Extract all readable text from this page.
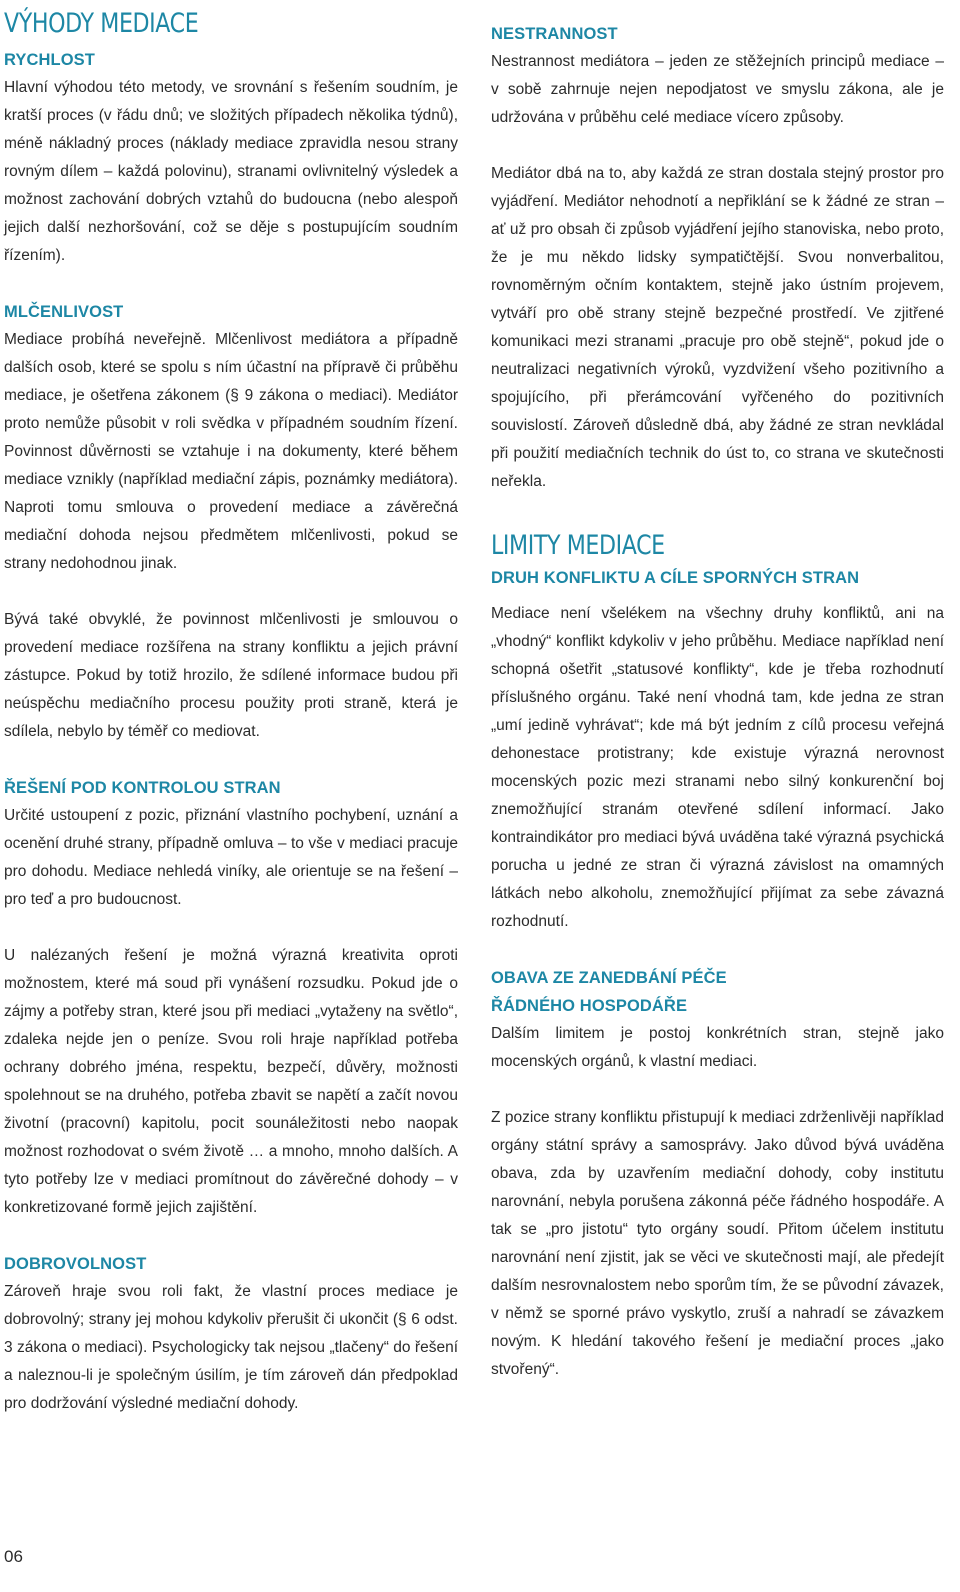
VÝHODY MEDIACE
RYCHLOST

Hlavní výhodou této metody, ve srovnání s řešením soudním, je kratší proces (v řádu dnů; ve složitých případech několika týdnů), méně nákladný proces (náklady mediace zpravidla nesou strany rovným dílem – každá polovinu), stranami ovlivnitelný výsledek a možnost zachování dobrých vztahů do budoucna (nebo alespoň jejich další nezhoršování, což se děje s postupujícím soudním řízením).

MLČENLIVOST

Mediace probíhá neveřejně. Mlčenlivost mediátora a případně dalších osob, které se spolu s ním účastní na přípravě či průběhu mediace, je ošetřena zákonem (§ 9 zákona o mediaci). Mediátor proto nemůže působit v roli svědka v případném soudním řízení. Povinnost důvěrnosti se vztahuje i na dokumenty, které během mediace vznikly (například mediační zápis, poznámky mediátora). Naproti tomu smlouva o provedení mediace a závěrečná mediační dohoda nejsou předmětem mlčenlivosti, pokud se strany nedohodnou jinak.

Bývá také obvyklé, že povinnost mlčenlivosti je smlouvou o provedení mediace rozšířena na strany konfliktu a jejich právní zástupce. Pokud by totiž hrozilo, že sdílené informace budou při neúspěchu mediačního procesu použity proti straně, která je sdílela, nebylo by téměř co mediovat.

ŘEŠENÍ POD KONTROLOU STRAN

Určité ustoupení z pozic, přiznání vlastního pochybení, uznání a ocenění druhé strany, případně omluva – to vše v mediaci pracuje pro dohodu. Mediace nehledá viníky, ale orientuje se na řešení – pro teď a pro budoucnost.

U nalézaných řešení je možná výrazná kreativita oproti možnostem, které má soud při vynášení rozsudku. Pokud jde o zájmy a potřeby stran, které jsou při mediaci „vytaženy na světlo“, zdaleka nejde jen o peníze. Svou roli hraje například potřeba ochrany dobrého jména, respektu, bezpečí, důvěry, možnosti spolehnout se na druhého, potřeba zbavit se napětí a začít novou životní (pracovní) kapitolu, pocit sounáležitosti nebo naopak možnost rozhodovat o svém životě … a mnoho, mnoho dalších. A tyto potřeby lze v mediaci promítnout do závěrečné dohody – v konkretizované formě jejich zajištění.

DOBROVOLNOST

Zároveň hraje svou roli fakt, že vlastní proces mediace je dobrovolný; strany jej mohou kdykoliv přerušit či ukončit (§ 6 odst. 3 zákona o mediaci). Psychologicky tak nejsou „tlačeny“ do řešení a naleznou-li je společným úsilím, je tím zároveň dán předpoklad pro dodržování výsledné mediační dohody.

NESTRANNOST

Nestrannost mediátora – jeden ze stěžejních principů mediace – v sobě zahrnuje nejen nepodjatost ve smyslu zákona, ale je udržována v průběhu celé mediace vícero způsoby.

Mediátor dbá na to, aby každá ze stran dostala stejný prostor pro vyjádření. Mediátor nehodnotí a nepřiklání se k žádné ze stran – ať už pro obsah či způsob vyjádření jejího stanoviska, nebo proto, že je mu někdo lidsky sympatičtější. Svou nonverbalitou, rovnoměrným očním kontaktem, stejně jako ústním projevem, vytváří pro obě strany stejně bezpečné prostředí. Ve zjitřené komunikaci mezi stranami „pracuje pro obě stejně“, pokud jde o neutralizaci negativních výroků, vyzdvižení všeho pozitivního a spojujícího, při přerámcování vyřčeného do pozitivních souvislostí. Zároveň důsledně dbá, aby žádné ze stran nevkládal při použití mediačních technik do úst to, co strana ve skutečnosti neřekla.

LIMITY MEDIACE
DRUH KONFLIKTU A CÍLE SPORNÝCH STRAN

Mediace není všelékem na všechny druhy konfliktů, ani na „vhodný“ konflikt kdykoliv v jeho průběhu. Mediace například není schopná ošetřit „statusové konflikty“, kde je třeba rozhodnutí příslušného orgánu. Také není vhodná tam, kde jedna ze stran „umí jedině vyhrávat“; kde má být jedním z cílů procesu veřejná dehonestace protistrany; kde existuje výrazná nerovnost mocenských pozic mezi stranami nebo silný konkurenční boj znemožňující stranám otevřené sdílení informací. Jako kontraindikátor pro mediaci bývá uváděna také výrazná psychická porucha u jedné ze stran či výrazná závislost na omamných látkách nebo alkoholu, znemožňující přijímat za sebe závazná rozhodnutí.

OBAVA ZE ZANEDBÁNÍ PÉČE
ŘÁDNÉHO HOSPODÁŘE

Dalším limitem je postoj konkrétních stran, stejně jako mocenských orgánů, k vlastní mediaci.

Z pozice strany konfliktu přistupují k mediaci zdrženlivěji například orgány státní správy a samosprávy. Jako důvod bývá uváděna obava, zda by uzavřením mediační dohody, coby institutu narovnání, nebyla porušena zákonná péče řádného hospodáře. A tak se „pro jistotu“ tyto orgány soudí. Přitom účelem institutu narovnání není zjistit, jak se věci ve skutečnosti mají, ale předejít dalším nesrovnalostem nebo sporům tím, že se původní závazek, v němž se sporné právo vyskytlo, zruší a nahradí se závazkem novým. K hledání takového řešení je mediační proces „jako stvořený“.

06
